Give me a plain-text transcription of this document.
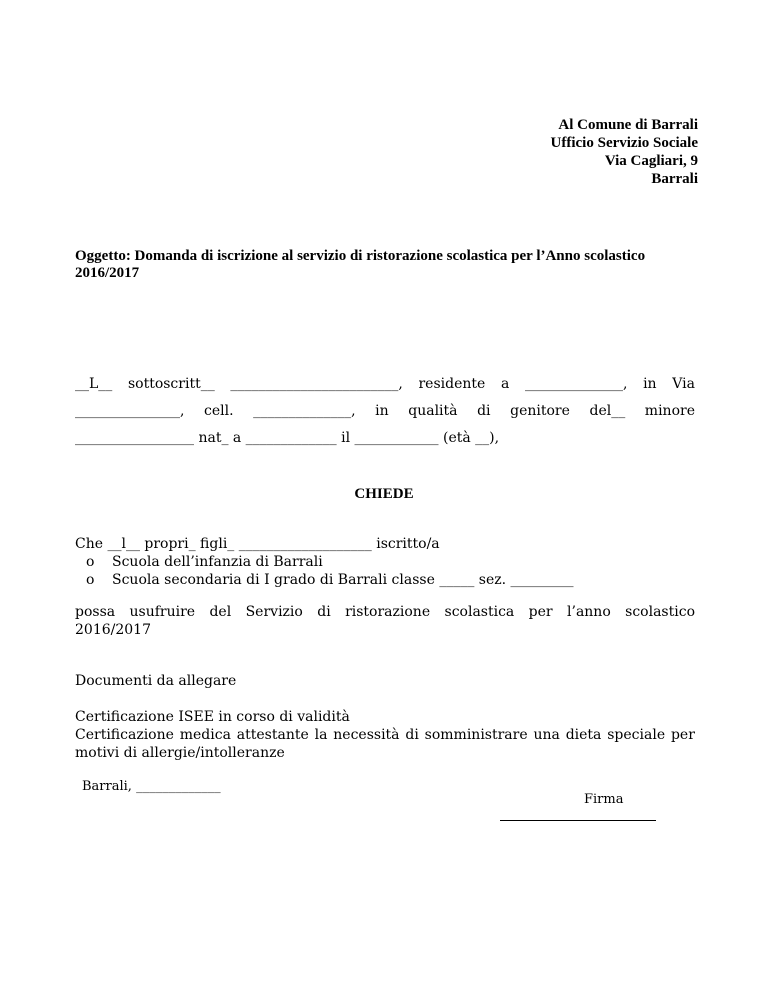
Al Comune di Barrali
Ufficio Servizio Sociale
Via Cagliari, 9
Barrali
Oggetto: Domanda di iscrizione al servizio di ristorazione scolastica per l’Anno scolastico
2016/2017
__L__ sottoscritt__ ________________________, residente a ______________, in Via
_______________, cell. ______________, in qualità di genitore del__ minore
_________________ nat_ a _____________ il ____________ (età __),
CHIEDE
Che __l__ propri_ figli_ ___________________ iscritto/a
o Scuola dell’infanzia di Barrali
o Scuola secondaria di I grado di Barrali classe _____ sez. _________
possa usufruire del Servizio di ristorazione scolastica per l’anno scolastico
2016/2017
Documenti da allegare
Certificazione ISEE in corso di validità
Certificazione medica attestante la necessità di somministrare una dieta speciale per
motivi di allergie/intolleranze
Barrali, _____________
Firma
